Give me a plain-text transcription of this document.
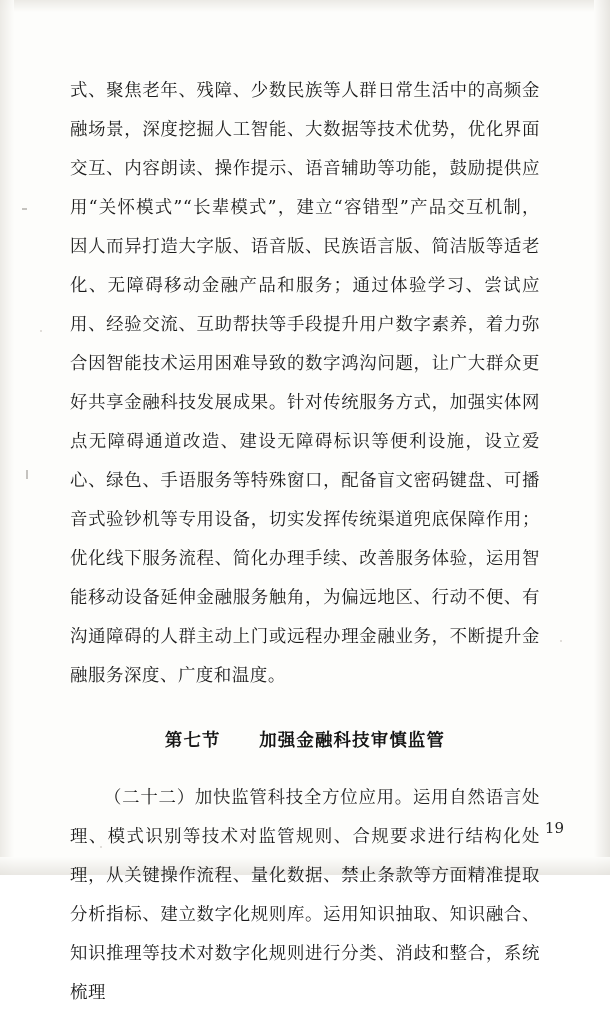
式、聚焦老年、残障、少数民族等人群日常生活中的高频金融场景，深度挖掘人工智能、大数据等技术优势，优化界面交互、内容朗读、操作提示、语音辅助等功能，鼓励提供应用“关怀模式”“长辈模式”，建立“容错型”产品交互机制，因人而异打造大字版、语音版、民族语言版、简洁版等适老化、无障碍移动金融产品和服务；通过体验学习、尝试应用、经验交流、互助帮扶等手段提升用户数字素养，着力弥合因智能技术运用困难导致的数字鸿沟问题，让广大群众更好共享金融科技发展成果。针对传统服务方式，加强实体网点无障碍通道改造、建设无障碍标识等便利设施，设立爱心、绿色、手语服务等特殊窗口，配备盲文密码键盘、可播音式验钞机等专用设备，切实发挥传统渠道兜底保障作用；优化线下服务流程、简化办理手续、改善服务体验，运用智能移动设备延伸金融服务触角，为偏远地区、行动不便、有沟通障碍的人群主动上门或远程办理金融业务，不断提升金融服务深度、广度和温度。

第七节 加强金融科技审慎监管

（二十二）加快监管科技全方位应用。运用自然语言处理、模式识别等技术对监管规则、合规要求进行结构化处理，从关键操作流程、量化数据、禁止条款等方面精准提取分析指标、建立数字化规则库。运用知识抽取、知识融合、知识推理等技术对数字化规则进行分类、消歧和整合，系统梳理

19
